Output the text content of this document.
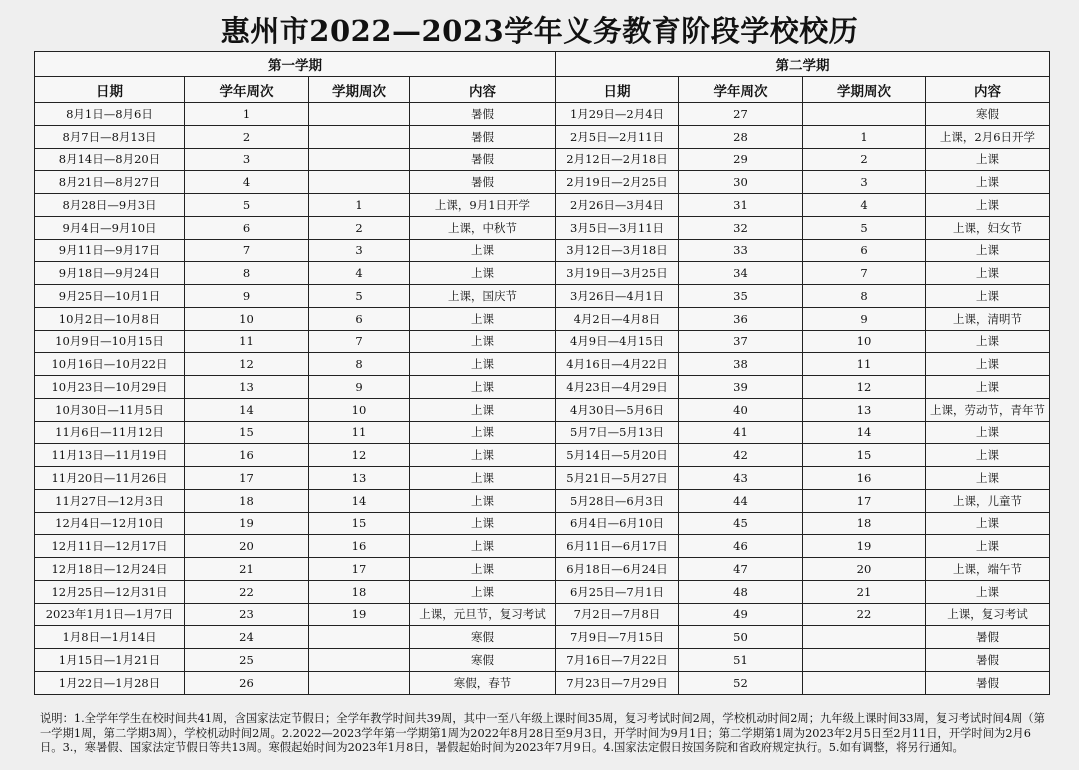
惠州市2022—2023学年义务教育阶段学校校历
第一学期				第二学期			
日期	学年周次	学期周次	内容	日期	学年周次	学期周次	内容
8月1日—8月6日	1		暑假	1月29日—2月4日	27		寒假
8月7日—8月13日	2		暑假	2月5日—2月11日	28	1	上课，2月6日开学
8月14日—8月20日	3		暑假	2月12日—2月18日	29	2	上课
8月21日—8月27日	4		暑假	2月19日—2月25日	30	3	上课
8月28日—9月3日	5	1	上课，9月1日开学	2月26日—3月4日	31	4	上课
9月4日—9月10日	6	2	上课，中秋节	3月5日—3月11日	32	5	上课，妇女节
9月11日—9月17日	7	3	上课	3月12日—3月18日	33	6	上课
9月18日—9月24日	8	4	上课	3月19日—3月25日	34	7	上课
9月25日—10月1日	9	5	上课，国庆节	3月26日—4月1日	35	8	上课
10月2日—10月8日	10	6	上课	4月2日—4月8日	36	9	上课，清明节
10月9日—10月15日	11	7	上课	4月9日—4月15日	37	10	上课
10月16日—10月22日	12	8	上课	4月16日—4月22日	38	11	上课
10月23日—10月29日	13	9	上课	4月23日—4月29日	39	12	上课
10月30日—11月5日	14	10	上课	4月30日—5月6日	40	13	上课，劳动节，青年节
11月6日—11月12日	15	11	上课	5月7日—5月13日	41	14	上课
11月13日—11月19日	16	12	上课	5月14日—5月20日	42	15	上课
11月20日—11月26日	17	13	上课	5月21日—5月27日	43	16	上课
11月27日—12月3日	18	14	上课	5月28日—6月3日	44	17	上课，儿童节
12月4日—12月10日	19	15	上课	6月4日—6月10日	45	18	上课
12月11日—12月17日	20	16	上课	6月11日—6月17日	46	19	上课
12月18日—12月24日	21	17	上课	6月18日—6月24日	47	20	上课，端午节
12月25日—12月31日	22	18	上课	6月25日—7月1日	48	21	上课
2023年1月1日—1月7日	23	19	上课，元旦节，复习考试	7月2日—7月8日	49	22	上课，复习考试
1月8日—1月14日	24		寒假	7月9日—7月15日	50		暑假
1月15日—1月21日	25		寒假	7月16日—7月22日	51		暑假
1月22日—1月28日	26		寒假，春节	7月23日—7月29日	52		暑假
说明：1.全学年学生在校时间共41周，含国家法定节假日；全学年教学时间共39周，其中一至八年级上课时间35周，复习考试时间2周，学校机动时间2周；九年级上课时间33周，复习考试时间4周（第一学期1周，第二学期3周），学校机动时间2周。2.2022—2023学年第一学期第1周为2022年8月28日至9月3日，开学时间为9月1日；第二学期第1周为2023年2月5日至2月11日，开学时间为2月6日。3.，寒暑假、国家法定节假日等共13周。寒假起始时间为2023年1月8日，暑假起始时间为2023年7月9日。4.国家法定假日按国务院和省政府规定执行。5.如有调整，将另行通知。
